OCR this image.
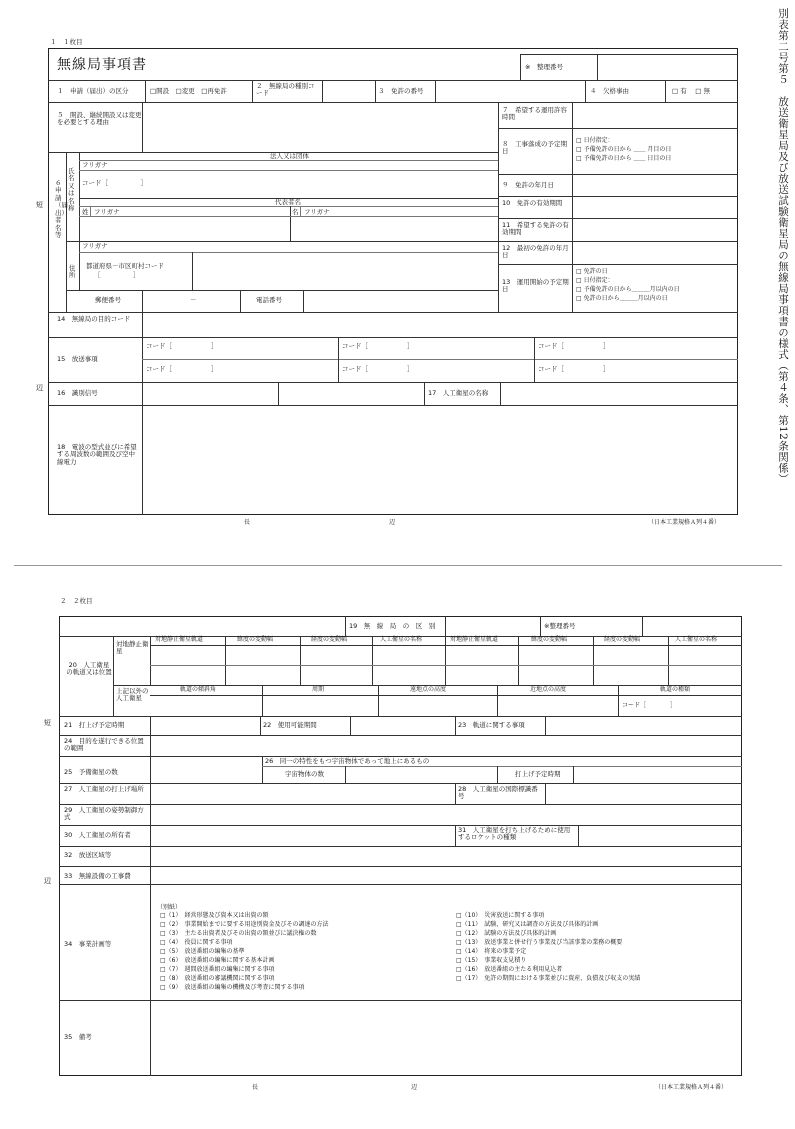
別表第二号第５　放送衛星局及び放送試験衛星局の無線局事項書の様式（第４条、第12条関係）
１　１枚目
無線局事項書	※　整理番号
１　申請（届出）の区分	□開設　□変更　□再免許
２　無線局の種別コード	３　免許の番号	４　欠格事由	□ 有　 □ 無
５　開設、継続開設又は変更を必要とする理由
７　希望する運用許容時間
８　工事落成の予定期日
□ 日付指定：
□ 予備免許の日から ＿＿ 月目の日
□ 予備免許の日から ＿＿ 日目の日
９　免許の年月日
10　免許の有効期間
11　希望する免許の有効期間
12　最初の免許の年月日
13　運用開始の予定期日
□ 免許の日
□ 日付指定：
□ 予備免許の日から＿＿＿月以内の日
□ 免許の日から＿＿＿月以内の日
６　申請（届出）者名等
氏名又は名称
法人又は団体
フリガナ
コード［　　　　　］
代表者名
姓 フリガナ	名 フリガナ
住所
フリガナ
都道府県－市区町村コード
［　　　　　］
郵便番号	－	電話番号
14　無線局の目的コード
15　放送事項
コード［　　　　　　］	コード［　　　　　　］	コード［　　　　　　］
コード［　　　　　　］	コード［　　　　　　］	コード［　　　　　　］
16　識別信号	17　人工衛星の名称
18　電波の型式並びに希望する周波数の範囲及び空中線電力
短
辺
長	辺	（日本工業規格Ａ列４番）
２　２枚目
19　無　線　局　の　区　別	※整理番号
20　人工衛星の軌道又は位置
対地静止衛星
対地静止衛星軌道	緯度の変動幅	経度の変動幅	人工衛星の名称	対地静止衛星軌道	緯度の変動幅	経度の変動幅	人工衛星の名称
上記以外の人工衛星
軌道の傾斜角	周期	遠地点の高度	近地点の高度	軌道の種類
コード［　　　　］
21　打上げ予定時期	22　使用可能期間	23　軌道に関する事項
24　目的を遂行できる位置の範囲
25　予備衛星の数
26　同一の特性をもつ宇宙物体であって地上にあるもの
宇宙物体の数	打上げ予定時期
27　人工衛星の打上げ場所	28　人工衛星の国際標識番号
29　人工衛星の姿勢制御方式
30　人工衛星の所有者
31　人工衛星を打ち上げるために使用するロケットの種類
32　放送区域等
33　無線設備の工事費
34　事業計画等
（別紙）
□（1）　経営形態及び資本又は出資の額
□（2）　事業開始までに要する用途別資金及びその調達の方法
□（3）　主たる出資者及びその出資の額並びに議決権の数
□（4）　役員に関する事項
□（5）　放送番組の編集の基準
□（6）　放送番組の編集に関する基本計画
□（7）　週間放送番組の編集に関する事項
□（8）　放送番組の審議機関に関する事項
□（9）　放送番組の編集の機構及び考査に関する事項
□（10）　災害放送に関する事項
□（11）　試験、研究又は調査の方法及び具体的計画
□（12）　試験の方法及び具体的計画
□（13）　放送事業と併せ行う事業及び当該事業の業務の概要
□（14）　将来の事業予定
□（15）　事業収支見積り
□（16）　放送番組の主たる利用見込者
□（17）　免許の期間における事業並びに資産、負債及び収支の実績
35　備考
短
辺
長	辺	（日本工業規格Ａ列４番）
